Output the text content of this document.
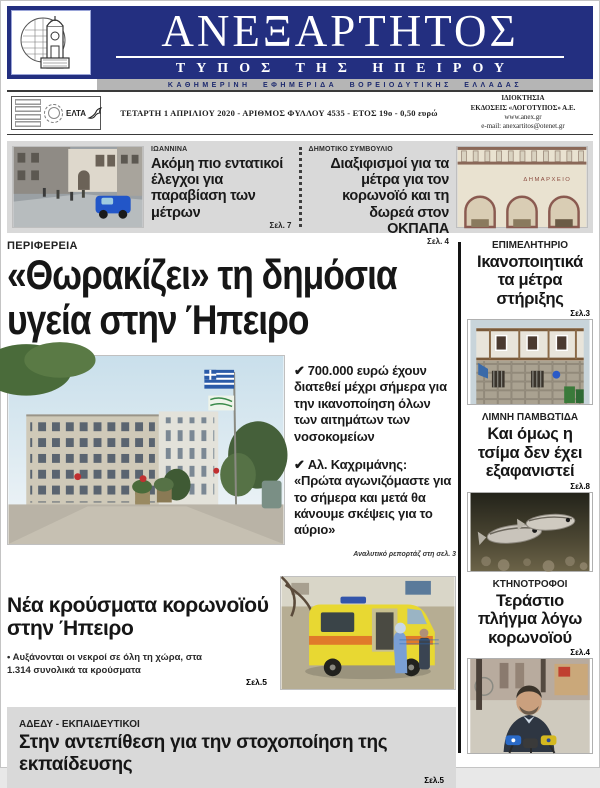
ΑΝΕΞΑΡΤΗΤΟΣ
ΤΥΠΟΣ ΤΗΣ ΗΠΕΙΡΟΥ
ΚΑΘΗΜΕΡΙΝΗ ΕΦΗΜΕΡΙΔΑ ΒΟΡΕΙΟΔΥΤΙΚΗΣ ΕΛΛΑΔΑΣ
ΕΛΤΑ	ΤΕΤΑΡΤΗ 1 ΑΠΡΙΛΙΟΥ 2020 - ΑΡΙΘΜΟΣ ΦΥΛΛΟΥ 4535 - ΕΤΟΣ 19ο - 0,50 ευρώ
ΙΔΙΟΚΤΗΣΙΑ
ΕΚΔΟΣΕΙΣ «ΛΟΓΟΤΥΠΟΣ» Α.Ε.
www.anex.gr
e-mail: anexartitos@otenet.gr
ΙΩΑΝΝΙΝΑ
Ακόμη πιο εντατικοί έλεγχοι για παραβίαση των μέτρων
Σελ. 7
ΔΗΜΟΤΙΚΟ ΣΥΜΒΟΥΛΙΟ
Διαξιφισμοί για τα μέτρα για τον κορωνοϊό και τη δωρεά στον ΟΚΠΑΠΑ
Σελ. 4
ΔΗΜΑΡΧΕΙΟ
ΠΕΡΙΦΕΡΕΙΑ
«Θωρακίζει» τη δημόσια
υγεία στην Ήπειρο

✔ 700.000 ευρώ έχουν διατεθεί μέχρι σήμερα για την ικανοποίηση όλων των αιτημάτων των νοσοκομείων

✔ Αλ. Καχριμάνης: «Πρώτα αγωνιζόμαστε για το σήμερα και μετά θα κάνουμε σκέψεις για το αύριο»

Αναλυτικό ρεπορτάζ στη σελ. 3
Νέα κρούσματα κορωνοϊού στην Ήπειρο

• Αυξάνονται οι νεκροί σε όλη τη χώρα, στα 1.314 συνολικά τα κρούσματα

Σελ.5
ΑΔΕΔΥ - ΕΚΠΑΙΔΕΥΤΙΚΟΙ
Στην αντεπίθεση για την στοχοποίηση της εκπαίδευσης
Σελ.5
ΕΠΙΜΕΛΗΤΗΡΙΟ
Ικανοποιητικά τα μέτρα στήριξης
Σελ.3
ΛΙΜΝΗ ΠΑΜΒΩΤΙΔΑ
Και όμως η τσίμα δεν έχει εξαφανιστεί
Σελ.8
ΚΤΗΝΟΤΡΟΦΟΙ
Τεράστιο πλήγμα λόγω κορωνοϊού
Σελ.4
